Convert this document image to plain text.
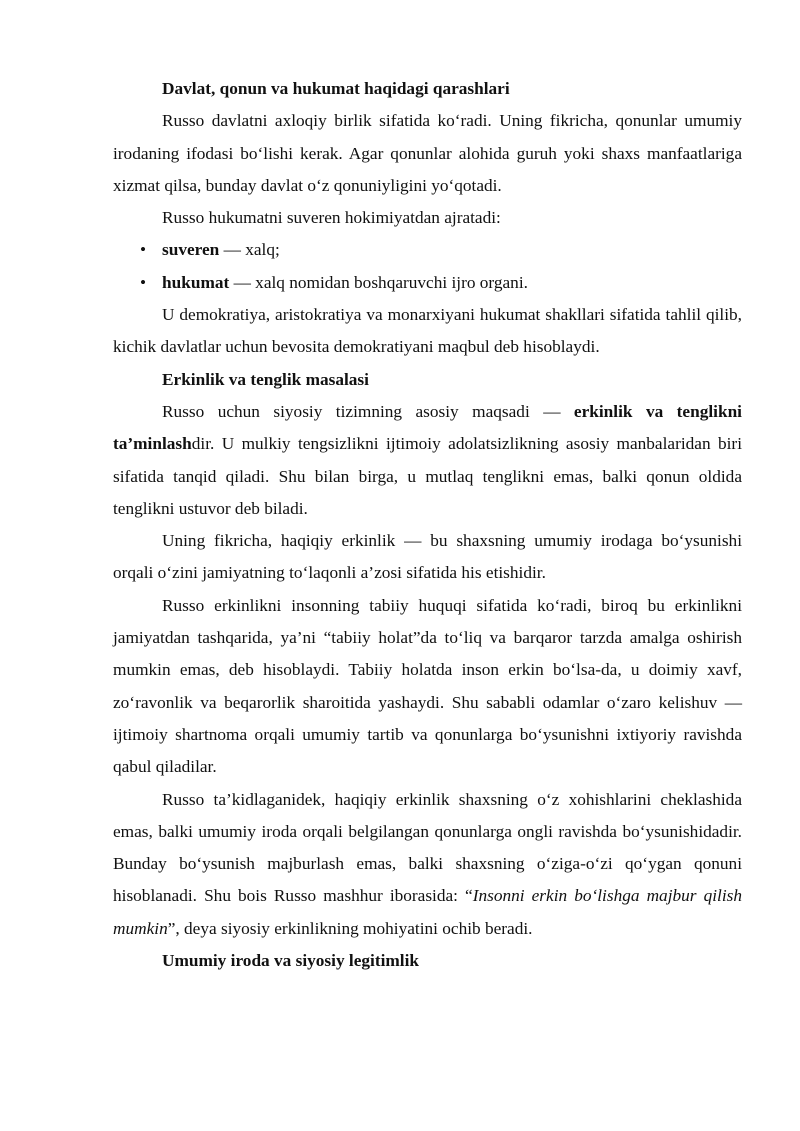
Davlat, qonun va hukumat haqidagi qarashlari

Russo davlatni axloqiy birlik sifatida ko‘radi. Uning fikricha, qonunlar umumiy irodaning ifodasi bo‘lishi kerak. Agar qonunlar alohida guruh yoki shaxs manfaatlariga xizmat qilsa, bunday davlat o‘z qonuniyligini yo‘qotadi.

Russo hukumatni suveren hokimiyatdan ajratadi:

• suveren — xalq;
• hukumat — xalq nomidan boshqaruvchi ijro organi.

U demokratiya, aristokratiya va monarxiyani hukumat shakllari sifatida tahlil qilib, kichik davlatlar uchun bevosita demokratiyani maqbul deb hisoblaydi.

Erkinlik va tenglik masalasi

Russo uchun siyosiy tizimning asosiy maqsadi — erkinlik va tenglikni ta’minlashdir. U mulkiy tengsizlikni ijtimoiy adolatsizlikning asosiy manbalaridan biri sifatida tanqid qiladi. Shu bilan birga, u mutlaq tenglikni emas, balki qonun oldida tenglikni ustuvor deb biladi.

Uning fikricha, haqiqiy erkinlik — bu shaxsning umumiy irodaga bo‘ysunishi orqali o‘zini jamiyatning to‘laqonli a’zosi sifatida his etishidir.

Russo erkinlikni insonning tabiiy huquqi sifatida ko‘radi, biroq bu erkinlikni jamiyatdan tashqarida, ya’ni “tabiiy holat”da to‘liq va barqaror tarzda amalga oshirish mumkin emas, deb hisoblaydi. Tabiiy holatda inson erkin bo‘lsa-da, u doimiy xavf, zo‘ravonlik va beqarorlik sharoitida yashaydi. Shu sababli odamlar o‘zaro kelishuv — ijtimoiy shartnoma orqali umumiy tartib va qonunlarga bo‘ysunishni ixtiyoriy ravishda qabul qiladilar.

Russo ta’kidlaganidek, haqiqiy erkinlik shaxsning o‘z xohishlarini cheklashida emas, balki umumiy iroda orqali belgilangan qonunlarga ongli ravishda bo‘ysunishidadir. Bunday bo‘ysunish majburlash emas, balki shaxsning o‘ziga-o‘zi qo‘ygan qonuni hisoblanadi. Shu bois Russo mashhur iborasida: “Insonni erkin bo‘lishga majbur qilish mumkin”, deya siyosiy erkinlikning mohiyatini ochib beradi.

Umumiy iroda va siyosiy legitimlik
